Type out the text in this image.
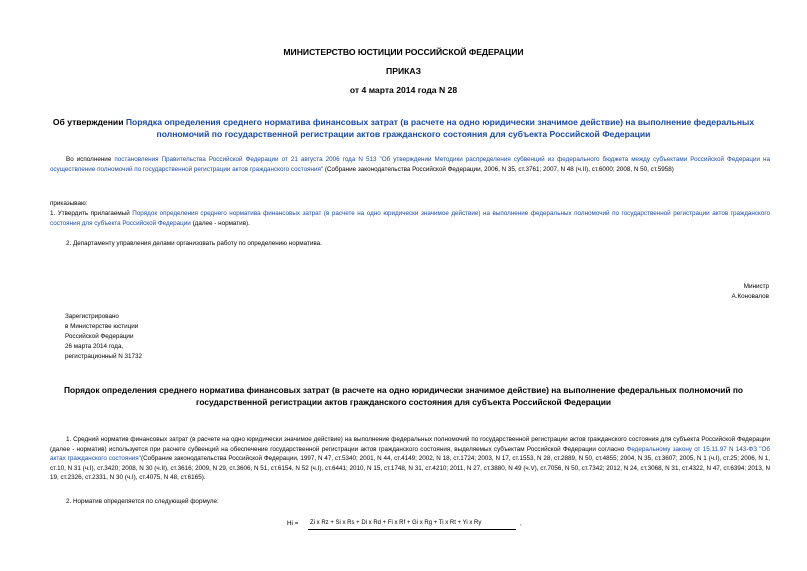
МИНИСТЕРСТВО ЮСТИЦИИ РОССИЙСКОЙ ФЕДЕРАЦИИ
ПРИКАЗ
от 4 марта 2014 года N 28
Об утверждении Порядка определения среднего норматива финансовых затрат (в расчете на одно юридически значимое действие) на выполнение федеральных полномочий по государственной регистрации актов гражданского состояния для субъекта Российской Федерации
Во исполнение постановления Правительства Российской Федерации от 21 августа 2006 года N 513 "Об утверждении Методики распределения субвенций из федерального бюджета между субъектами Российской Федерации на осуществление полномочий по государственной регистрации актов гражданского состояния" (Собрание законодательства Российской Федерации, 2006, N 35, ст.3761; 2007, N 48 (ч.II), ст.6000; 2008, N 50, ст.5958)
приказываю:
1. Утвердить прилагаемый Порядок определения среднего норматива финансовых затрат (в расчете на одно юридически значимое действие) на выполнение федеральных полномочий по государственной регистрации актов гражданского состояния для субъекта Российской Федерации (далее - норматив).
2. Департаменту управления делами организовать работу по определению норматива.
Министр
А.Коновалов
Зарегистрировано
в Министерстве юстиции
Российской Федерации
26 марта 2014 года,
регистрационный N 31732
Порядок определения среднего норматива финансовых затрат (в расчете на одно юридически значимое действие) на выполнение федеральных полномочий по государственной регистрации актов гражданского состояния для субъекта Российской Федерации
1. Средний норматив финансовых затрат (в расчете на одно юридически значимое действие) на выполнение федеральных полномочий по государственной регистрации актов гражданского состояния для субъекта Российской Федерации (далее - норматив) используется при расчете субвенций на обеспечение государственной регистрации актов гражданского состояния, выделяемых субъектам Российской Федерации согласно Федеральному закону от 15.11.97 N 143-ФЗ "Об актах гражданского состояния"(Собрание законодательства Российской Федерации, 1997, N 47, ст.5340; 2001, N 44, ст.4149; 2002, N 18, ст.1724; 2003, N 17, ст.1553, N 28, ст.2889, N 50, ст.4855; 2004, N 35, ст.3607; 2005, N 1 (ч.I), ст.25; 2006, N 1, ст.10, N 31 (ч.I), ст.3420; 2008, N 30 (ч.II), ст.3616; 2009, N 29, ст.3606, N 51, ст.6154, N 52 (ч.I), ст.6441; 2010, N 15, ст.1748, N 31, ст.4210; 2011, N 27, ст.3880, N 49 (ч.V), ст.7056, N 50, ст.7342; 2012, N 24, ст.3068, N 31, ст.4322, N 47, ст.6394; 2013, N 19, ст.2326, ст.2331, N 30 (ч.I), ст.4075, N 48, ст.6165).
2. Норматив определяется по следующей формуле:
Hi = Zi x Rz + Si x Rs + Di x Rd + Fi x Rf + Gi x Rg + Ti x Rt + Yi x Ry	,
